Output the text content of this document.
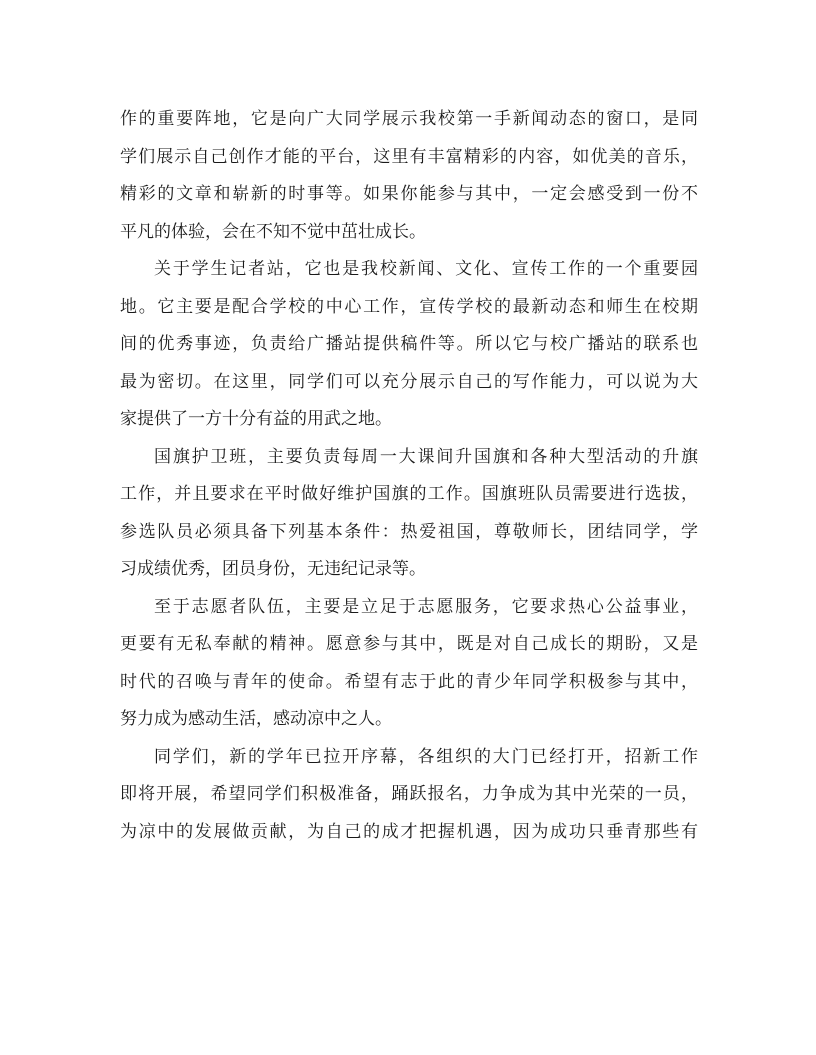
作的重要阵地，它是向广大同学展示我校第一手新闻动态的窗口，是同
学们展示自己创作才能的平台，这里有丰富精彩的内容，如优美的音乐，
精彩的文章和崭新的时事等。如果你能参与其中，一定会感受到一份不
平凡的体验，会在不知不觉中茁壮成长。
关于学生记者站，它也是我校新闻、文化、宣传工作的一个重要园
地。它主要是配合学校的中心工作，宣传学校的最新动态和师生在校期
间的优秀事迹，负责给广播站提供稿件等。所以它与校广播站的联系也
最为密切。在这里，同学们可以充分展示自己的写作能力，可以说为大
家提供了一方十分有益的用武之地。
国旗护卫班，主要负责每周一大课间升国旗和各种大型活动的升旗
工作，并且要求在平时做好维护国旗的工作。国旗班队员需要进行选拔，
参选队员必须具备下列基本条件：热爱祖国，尊敬师长，团结同学，学
习成绩优秀，团员身份，无违纪记录等。
至于志愿者队伍，主要是立足于志愿服务，它要求热心公益事业，
更要有无私奉献的精神。愿意参与其中，既是对自己成长的期盼，又是
时代的召唤与青年的使命。希望有志于此的青少年同学积极参与其中，
努力成为感动生活，感动凉中之人。
同学们，新的学年已拉开序幕，各组织的大门已经打开，招新工作
即将开展，希望同学们积极准备，踊跃报名，力争成为其中光荣的一员，
为凉中的发展做贡献，为自己的成才把握机遇，因为成功只垂青那些有
